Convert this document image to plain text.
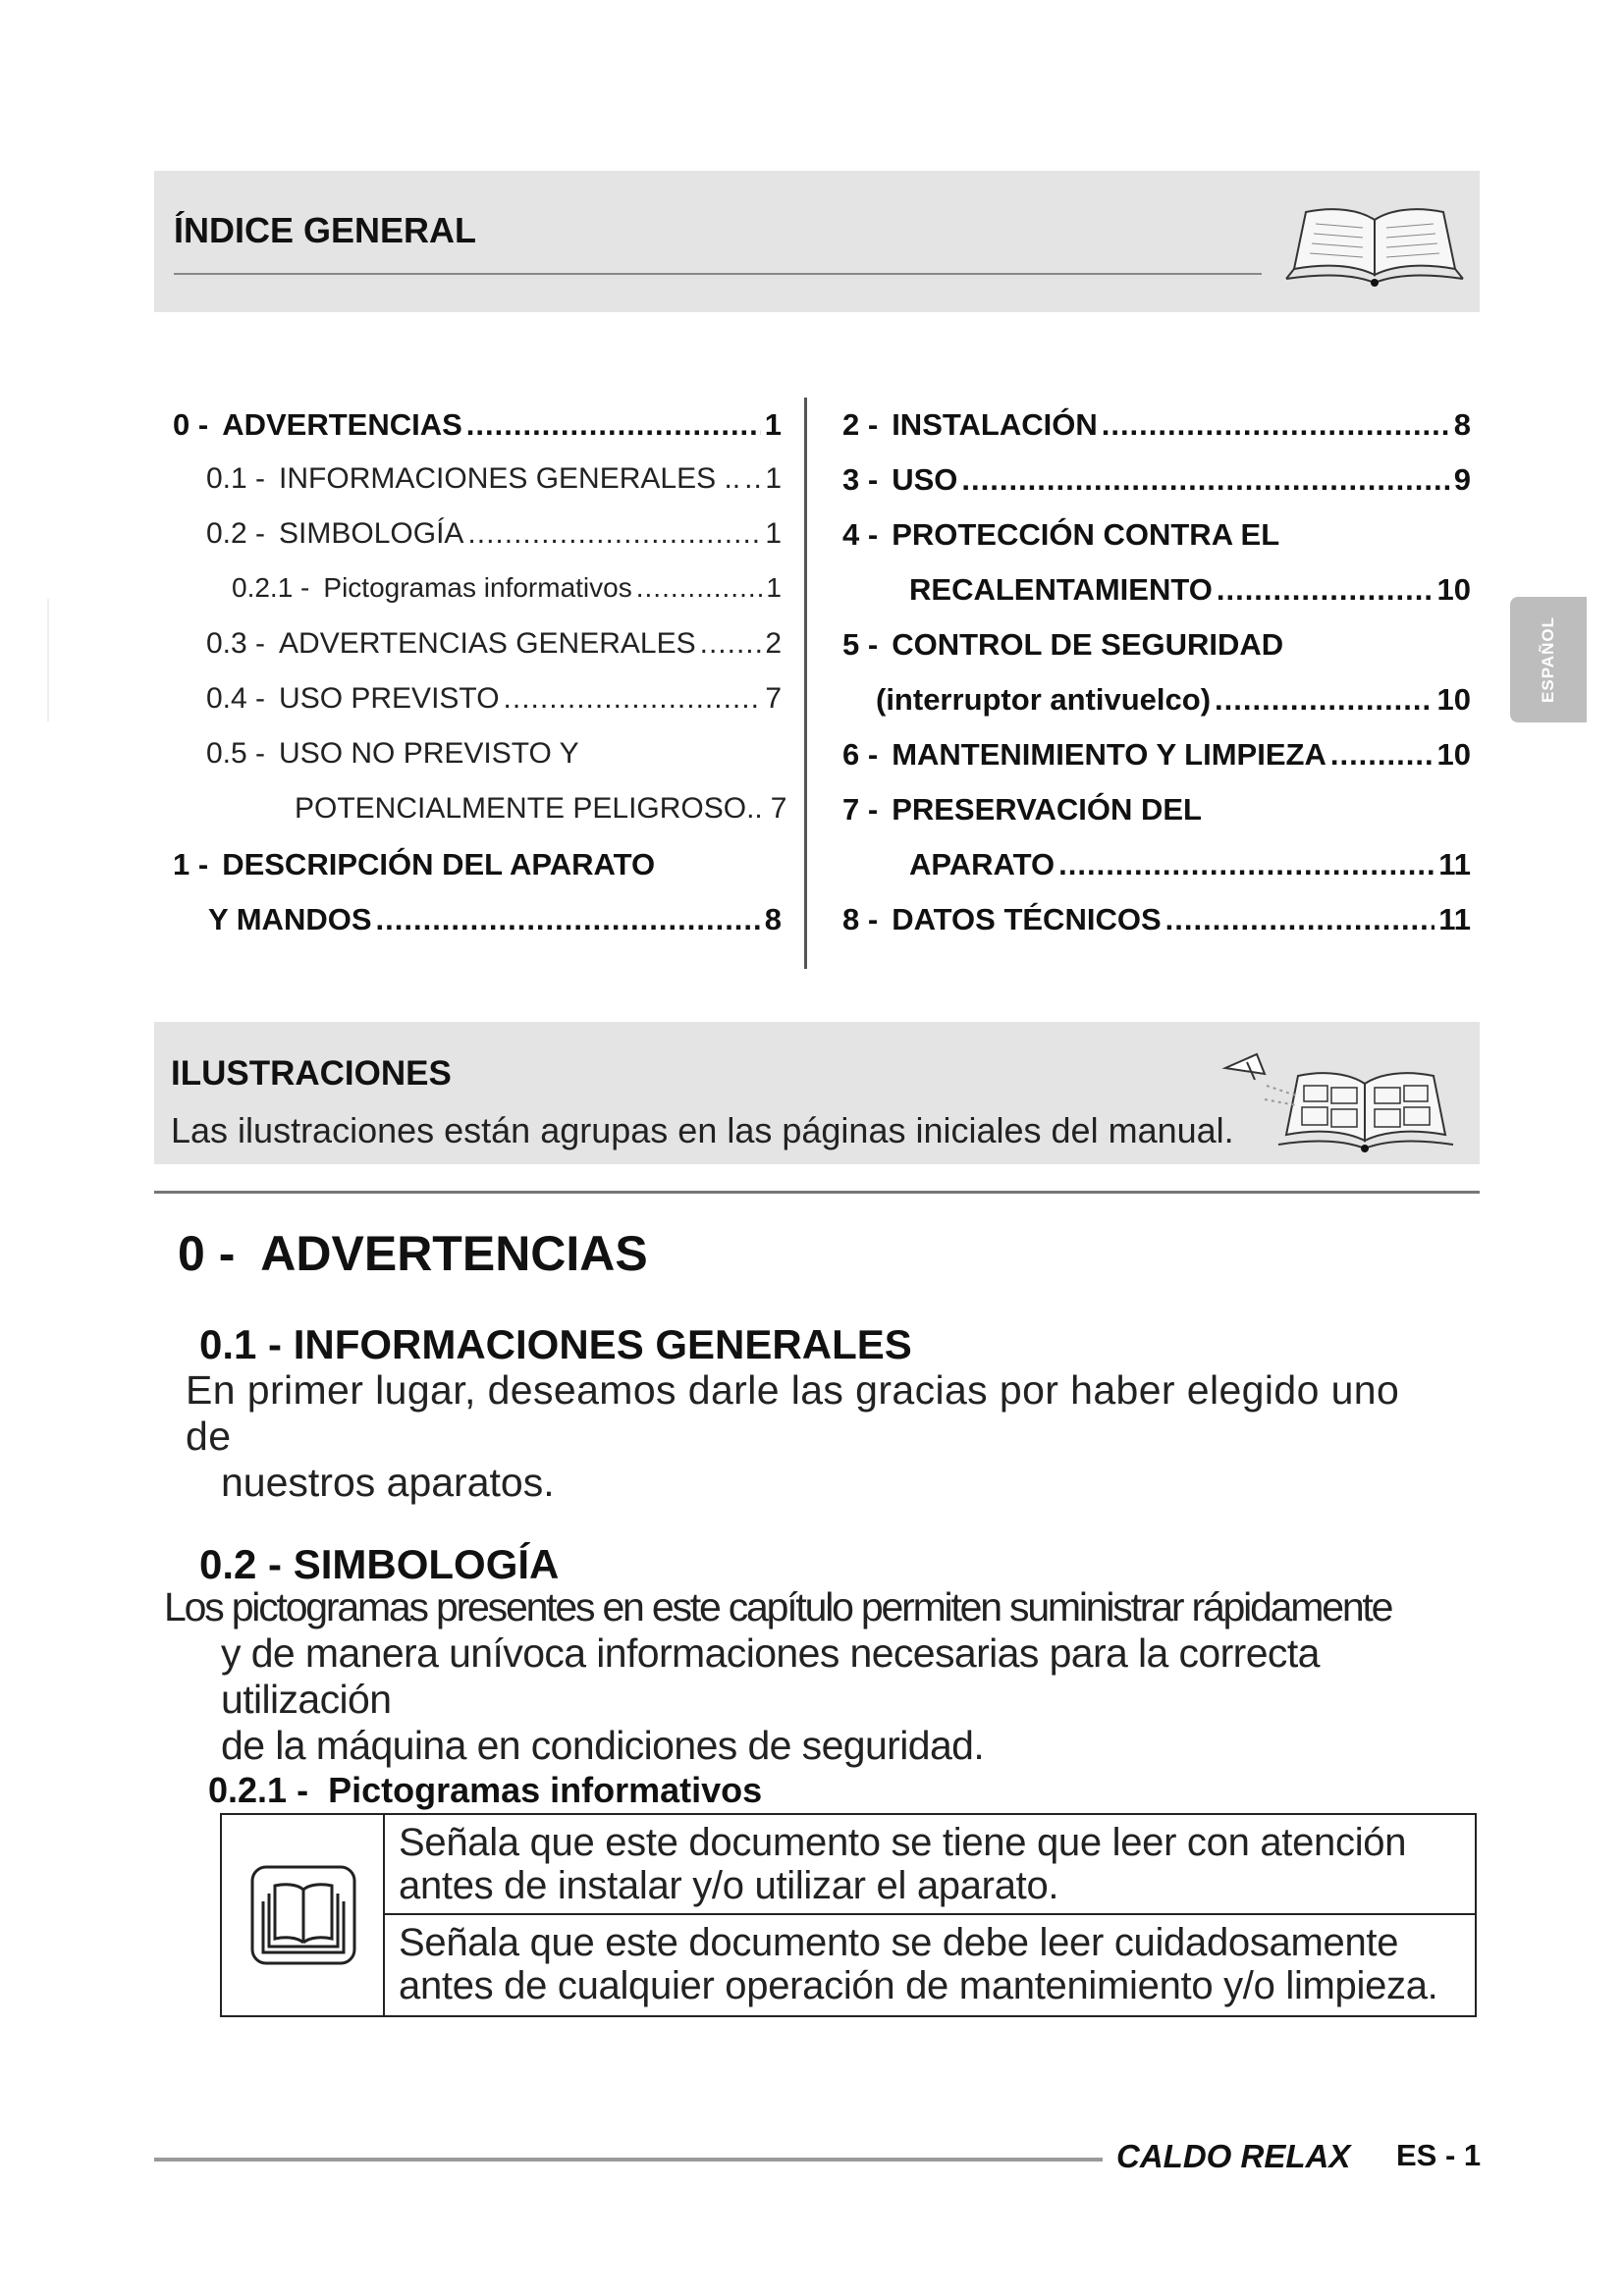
ÍNDICE GENERAL
0 - ADVERTENCIAS .....	1
0.1 - INFORMACIONES GENERALES .. ..... 1
0.2 - SIMBOLOGÍA .....	1
0.2.1 - Pictogramas informativos .....	1
0.3 - ADVERTENCIAS GENERALES ..... 2
0.4 - USO PREVISTO .....	7
0.5 - USO NO PREVISTO Y
POTENCIALMENTE PELIGROSO.. 7
1 - DESCRIPCIÓN DEL APARATO
Y MANDOS .....	8
2 - INSTALACIÓN .....	8
3 - USO .....	9
4 - PROTECCIÓN CONTRA EL
RECALENTAMIENTO .....	10
5 - CONTROL DE SEGURIDAD
(interruptor antivuelco) .....	10
6 - MANTENIMIENTO Y LIMPIEZA .....	10
7 - PRESERVACIÓN DEL
APARATO .....	11
8 - DATOS TÉCNICOS .....	11
ILUSTRACIONES
Las ilustraciones están agrupas en las páginas iniciales del manual.
0 -  ADVERTENCIAS
0.1 - INFORMACIONES GENERALES
En primer lugar, deseamos darle las gracias por haber elegido uno de
nuestros aparatos.
0.2 - SIMBOLOGÍA
Los pictogramas presentes en este capítulo permiten suministrar rápidamente
y de manera unívoca informaciones necesarias para la correcta utilización
de la máquina en condiciones de seguridad.
0.2.1 -  Pictogramas informativos
Señala que este documento se tiene que leer con atención antes de instalar y/o utilizar el aparato.
Señala que este documento se debe leer cuidadosamente antes de cualquier operación de mantenimiento y/o limpieza.
CALDO RELAX ES - 1
ESPAÑOL
